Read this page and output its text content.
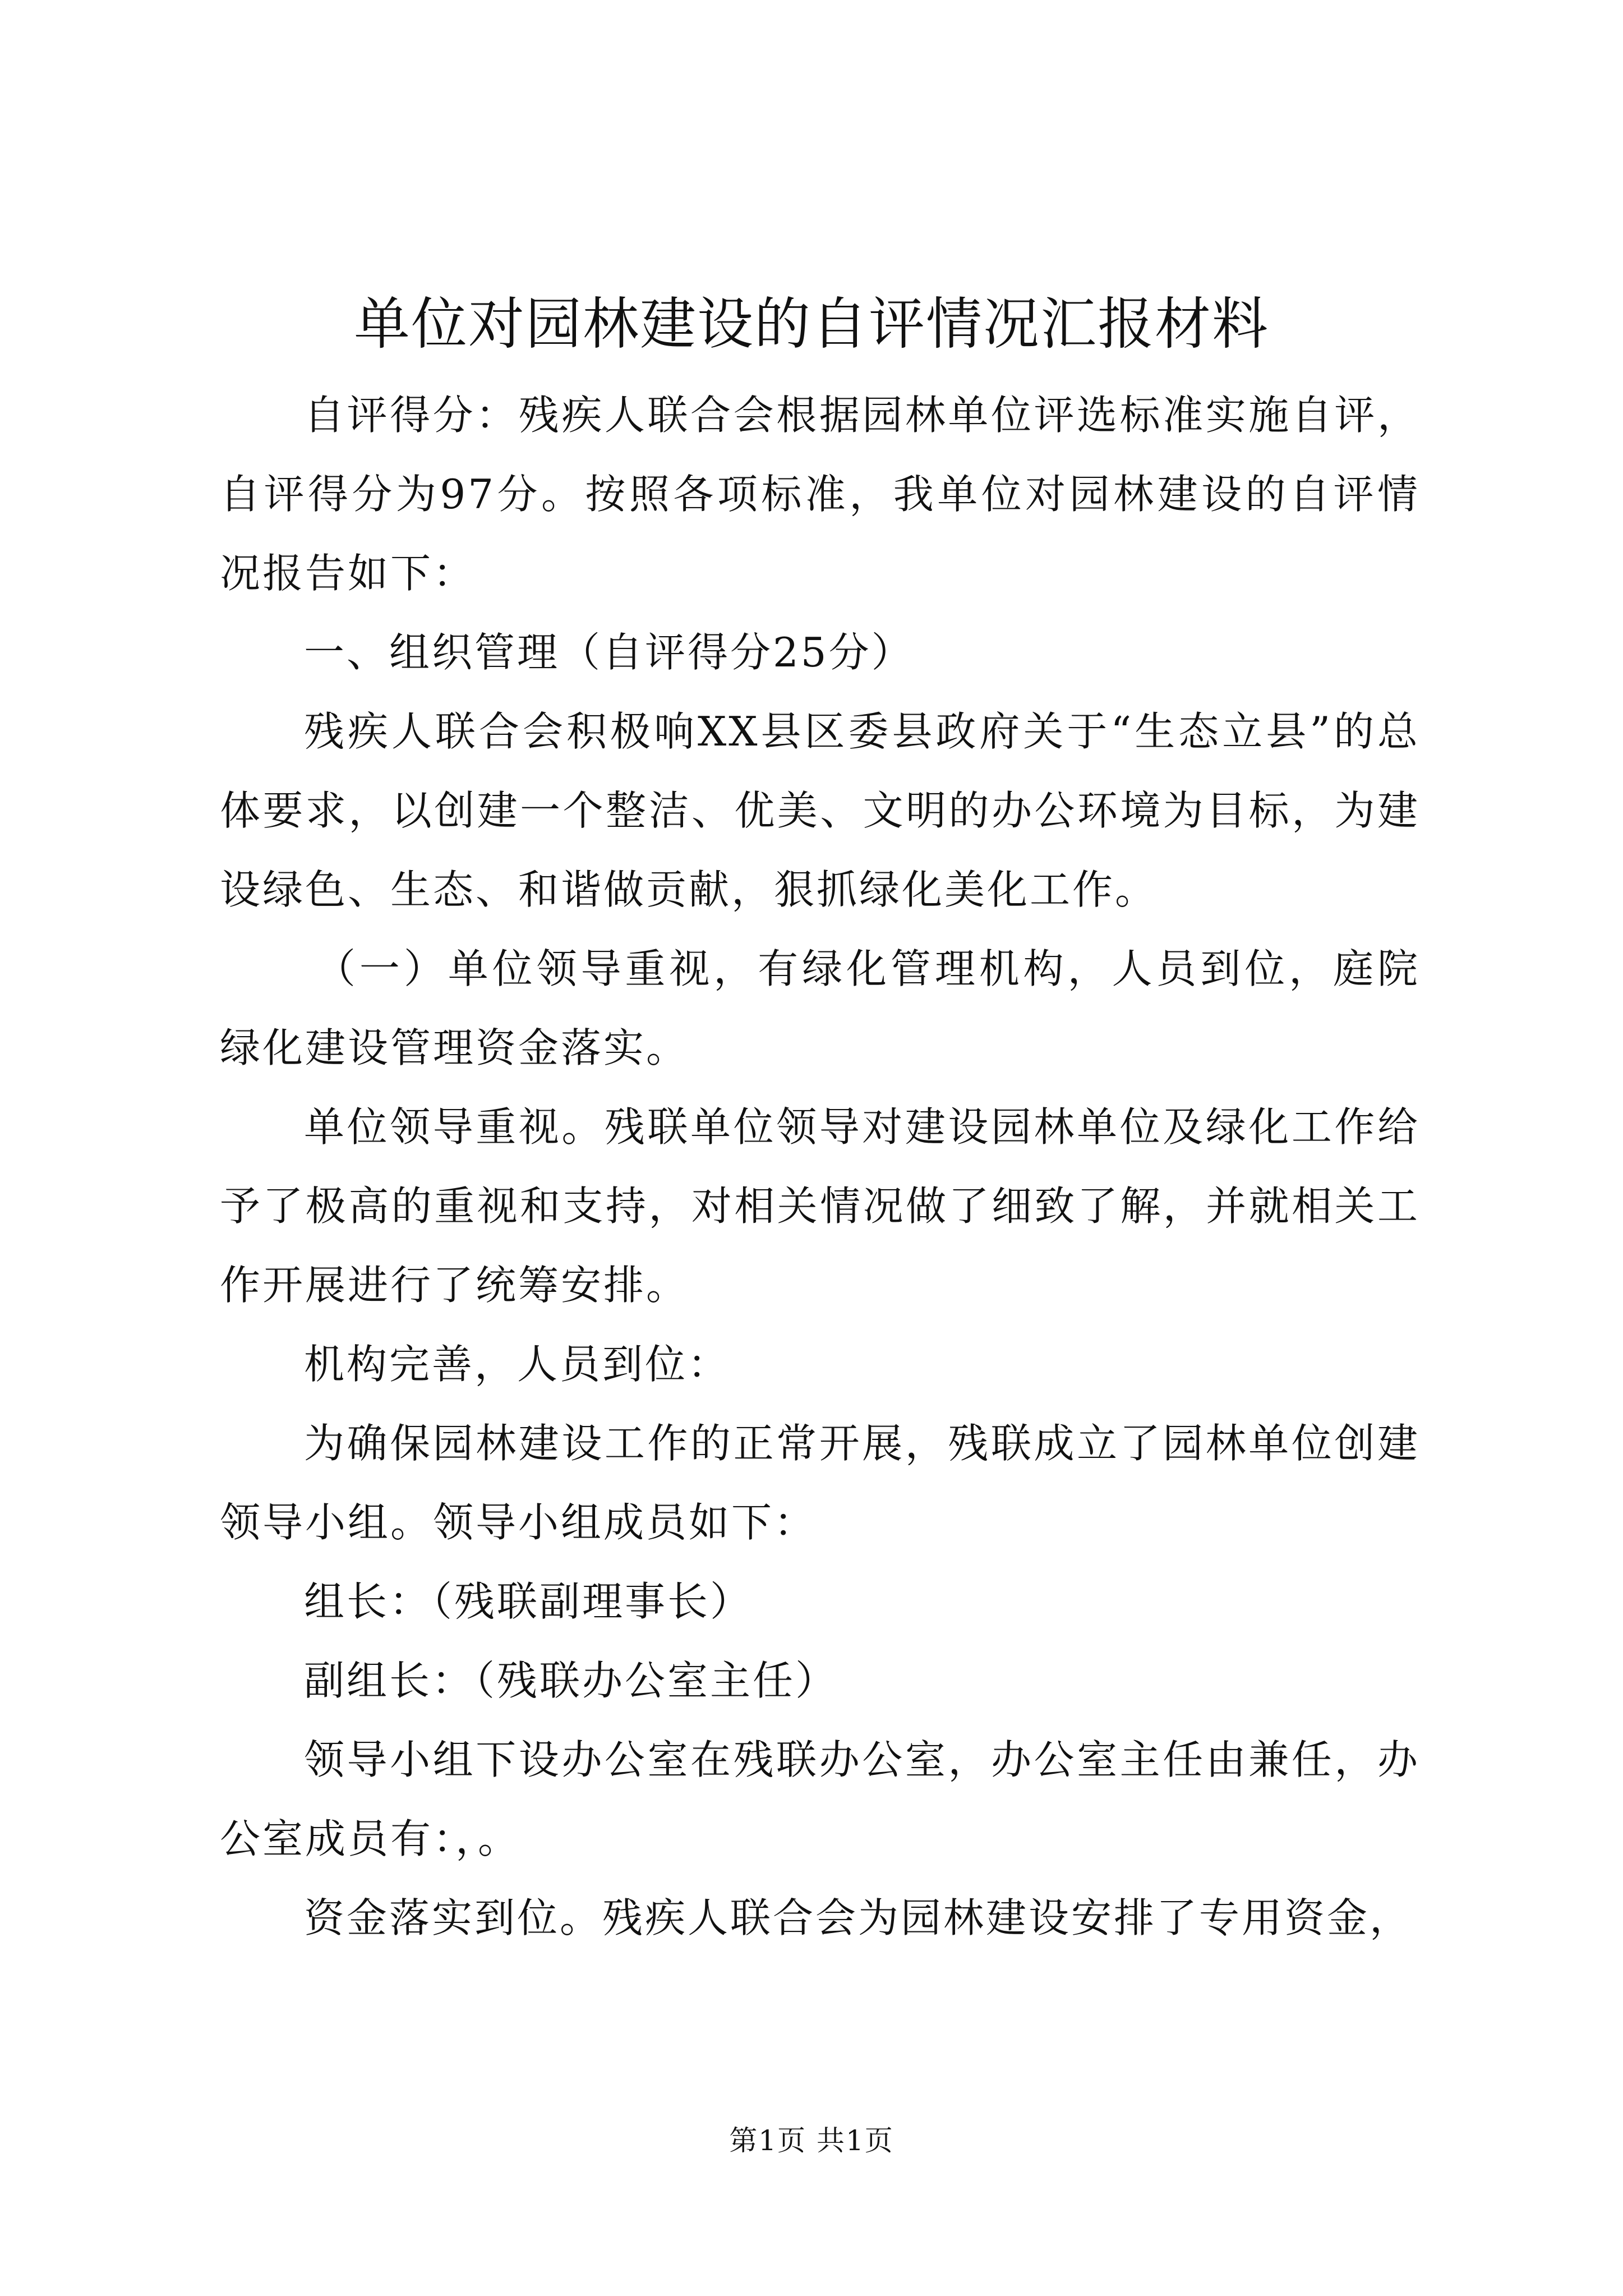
单位对园林建设的自评情况汇报材料

自评得分：残疾人联合会根据园林单位评选标准实施自评，自评得分为97分。按照各项标准，我单位对园林建设的自评情况报告如下：

一、组织管理（自评得分25分）

残疾人联合会积极响XX县区委县政府关于“生态立县”的总体要求，以创建一个整洁、优美、文明的办公环境为目标，为建设绿色、生态、和谐做贡献，狠抓绿化美化工作。

（一）单位领导重视，有绿化管理机构，人员到位，庭院绿化建设管理资金落实。

单位领导重视。残联单位领导对建设园林单位及绿化工作给予了极高的重视和支持，对相关情况做了细致了解，并就相关工作开展进行了统筹安排。

机构完善，人员到位：

为确保园林建设工作的正常开展，残联成立了园林单位创建领导小组。领导小组成员如下：

组长：（残联副理事长）

副组长：（残联办公室主任）

领导小组下设办公室在残联办公室，办公室主任由兼任，办公室成员有：，。

资金落实到位。残疾人联合会为园林建设安排了专用资金，

第1页 共1页
